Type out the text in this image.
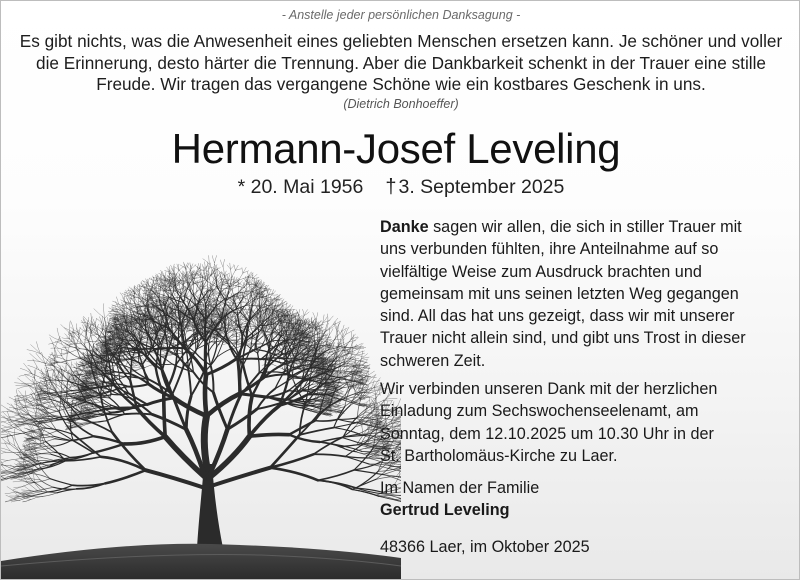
- Anstelle jeder persönlichen Danksagung -
Es gibt nichts, was die Anwesenheit eines geliebten Menschen ersetzen kann. Je schöner und voller
die Erinnerung, desto härter die Trennung. Aber die Dankbarkeit schenkt in der Trauer eine stille
Freude. Wir tragen das vergangene Schöne wie ein kostbares Geschenk in uns.
(Dietrich Bonhoeffer)
Hermann-Josef Leveling
* 20. Mai 1956 † 3. September 2025
Danke sagen wir allen, die sich in stiller Trauer mit
uns verbunden fühlten, ihre Anteilnahme auf so
vielfältige Weise zum Ausdruck brachten und
gemeinsam mit uns seinen letzten Weg gegangen
sind. All das hat uns gezeigt, dass wir mit unserer
Trauer nicht allein sind, und gibt uns Trost in dieser
schweren Zeit.
Wir verbinden unseren Dank mit der herzlichen
Einladung zum Sechswochenseelenamt, am
Sonntag, dem 12.10.2025 um 10.30 Uhr in der
St. Bartholomäus-Kirche zu Laer.
Im Namen der Familie
Gertrud Leveling
48366 Laer, im Oktober 2025
